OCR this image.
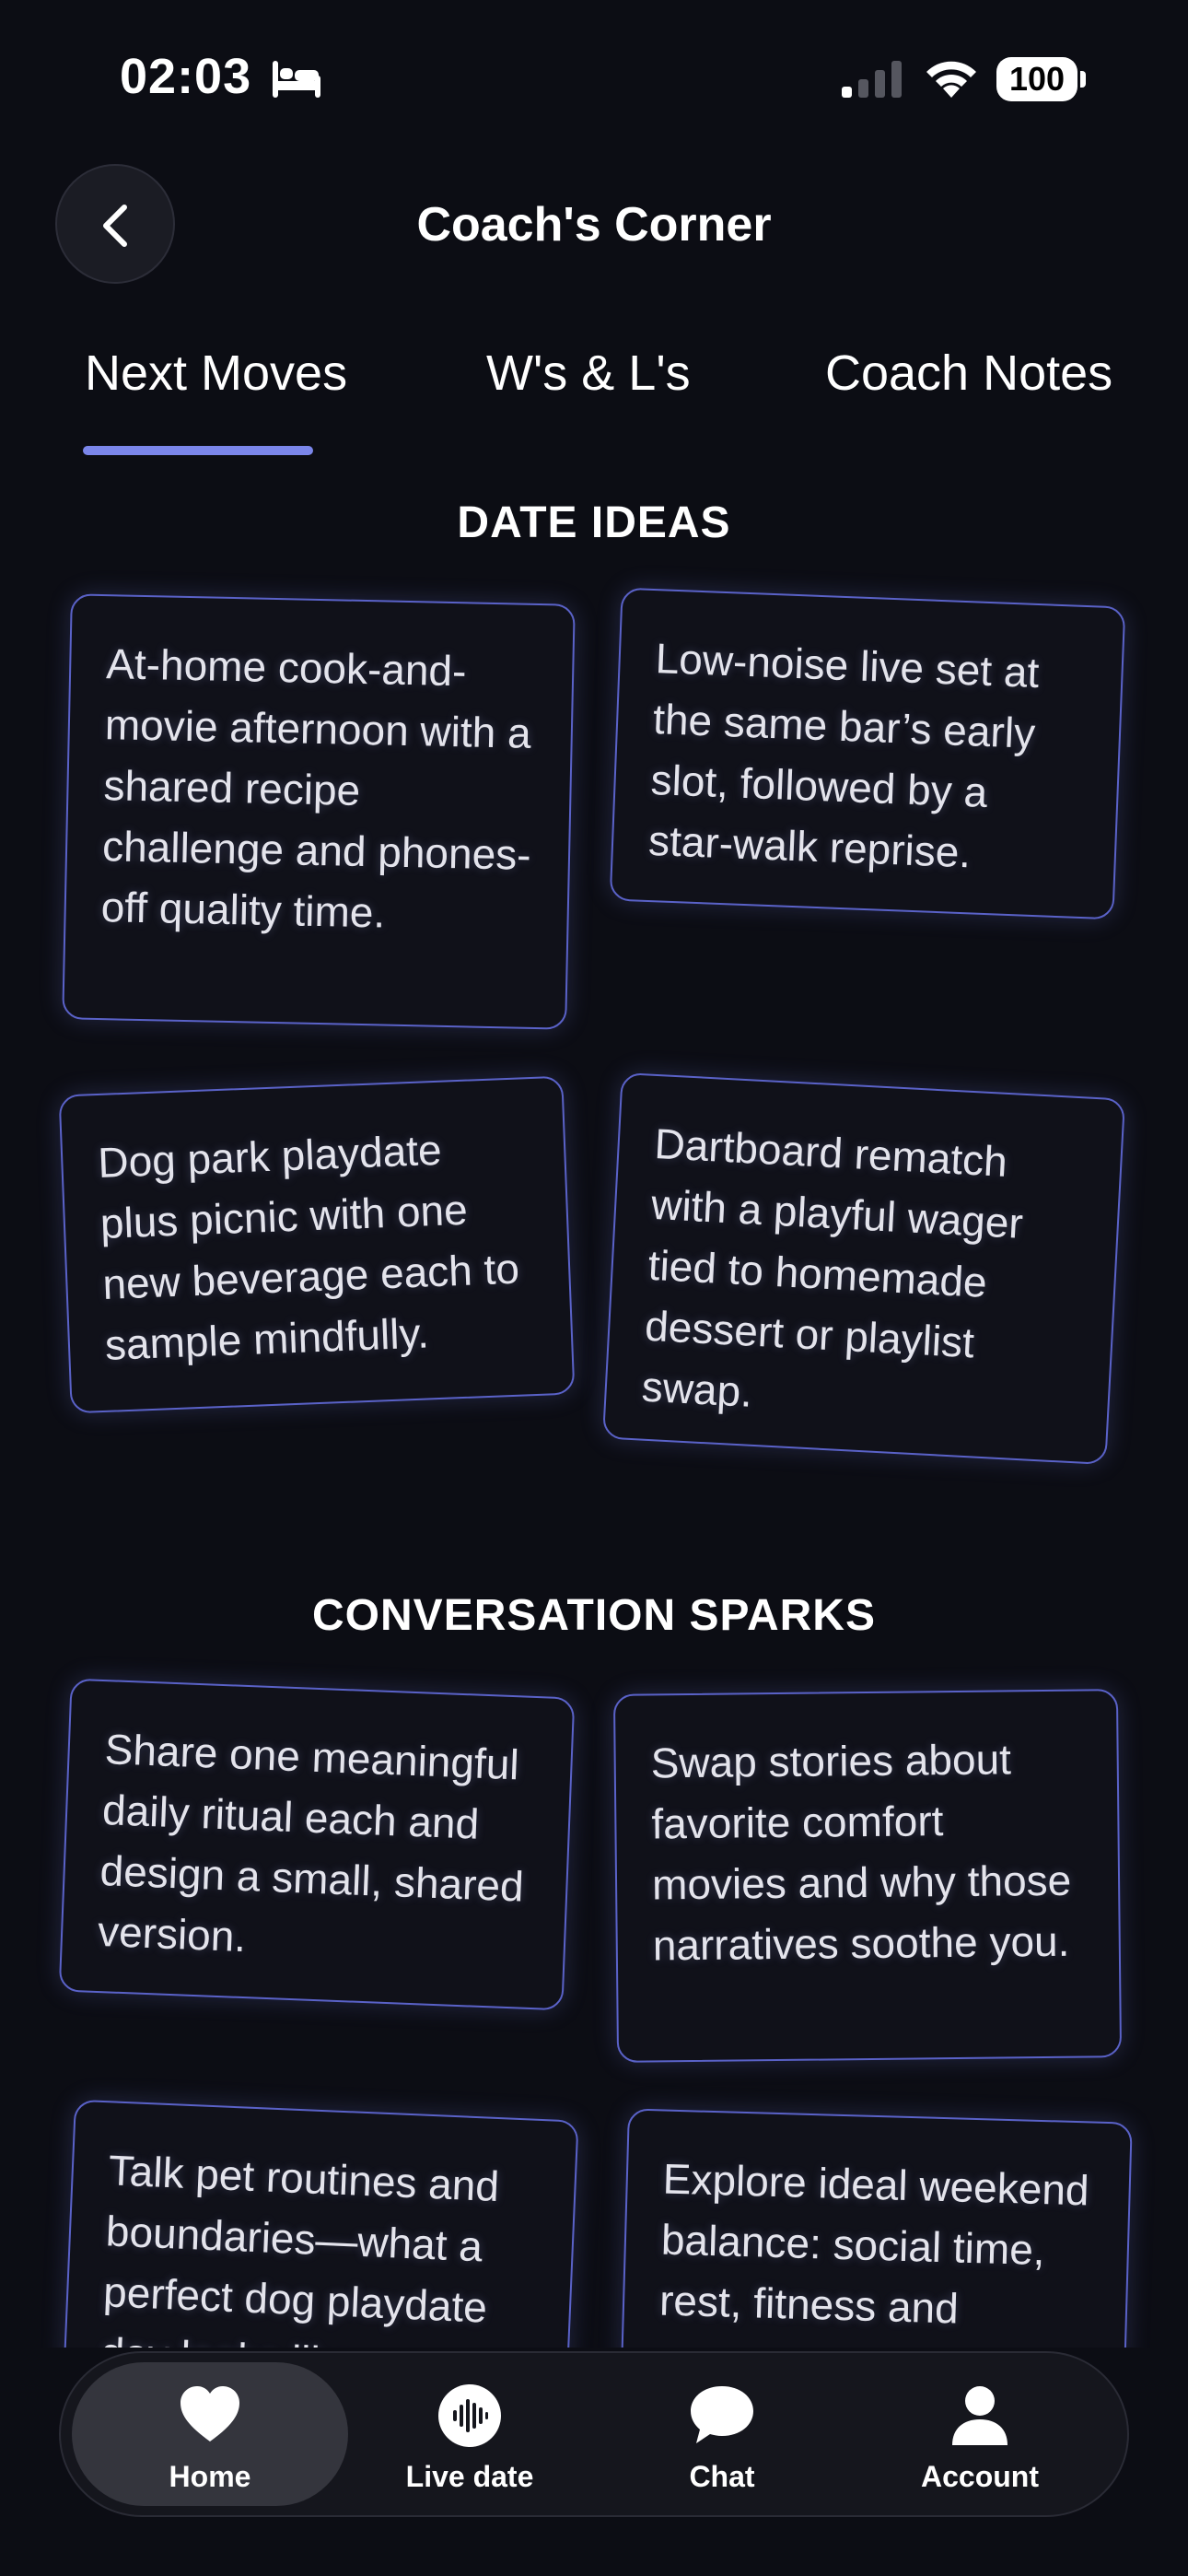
02:03	100
Coach's Corner
Next Moves	W's & L's	Coach Notes
DATE IDEAS
At-home cook-and-movie afternoon with a shared recipe challenge and phones-off quality time.
Low-noise live set at the same bar’s early slot, followed by a star-walk reprise.
Dog park playdate plus picnic with one new beverage each to sample mindfully.
Dartboard rematch with a playful wager tied to homemade dessert or playlist swap.
CONVERSATION SPARKS
Share one meaningful daily ritual each and design a small, shared version.
Swap stories about favorite comfort movies and why those narratives soothe you.
Talk pet routines and boundaries—what a perfect dog playdate
Explore ideal weekend balance: social time, rest, fitness and
Home	Live date	Chat	Account
